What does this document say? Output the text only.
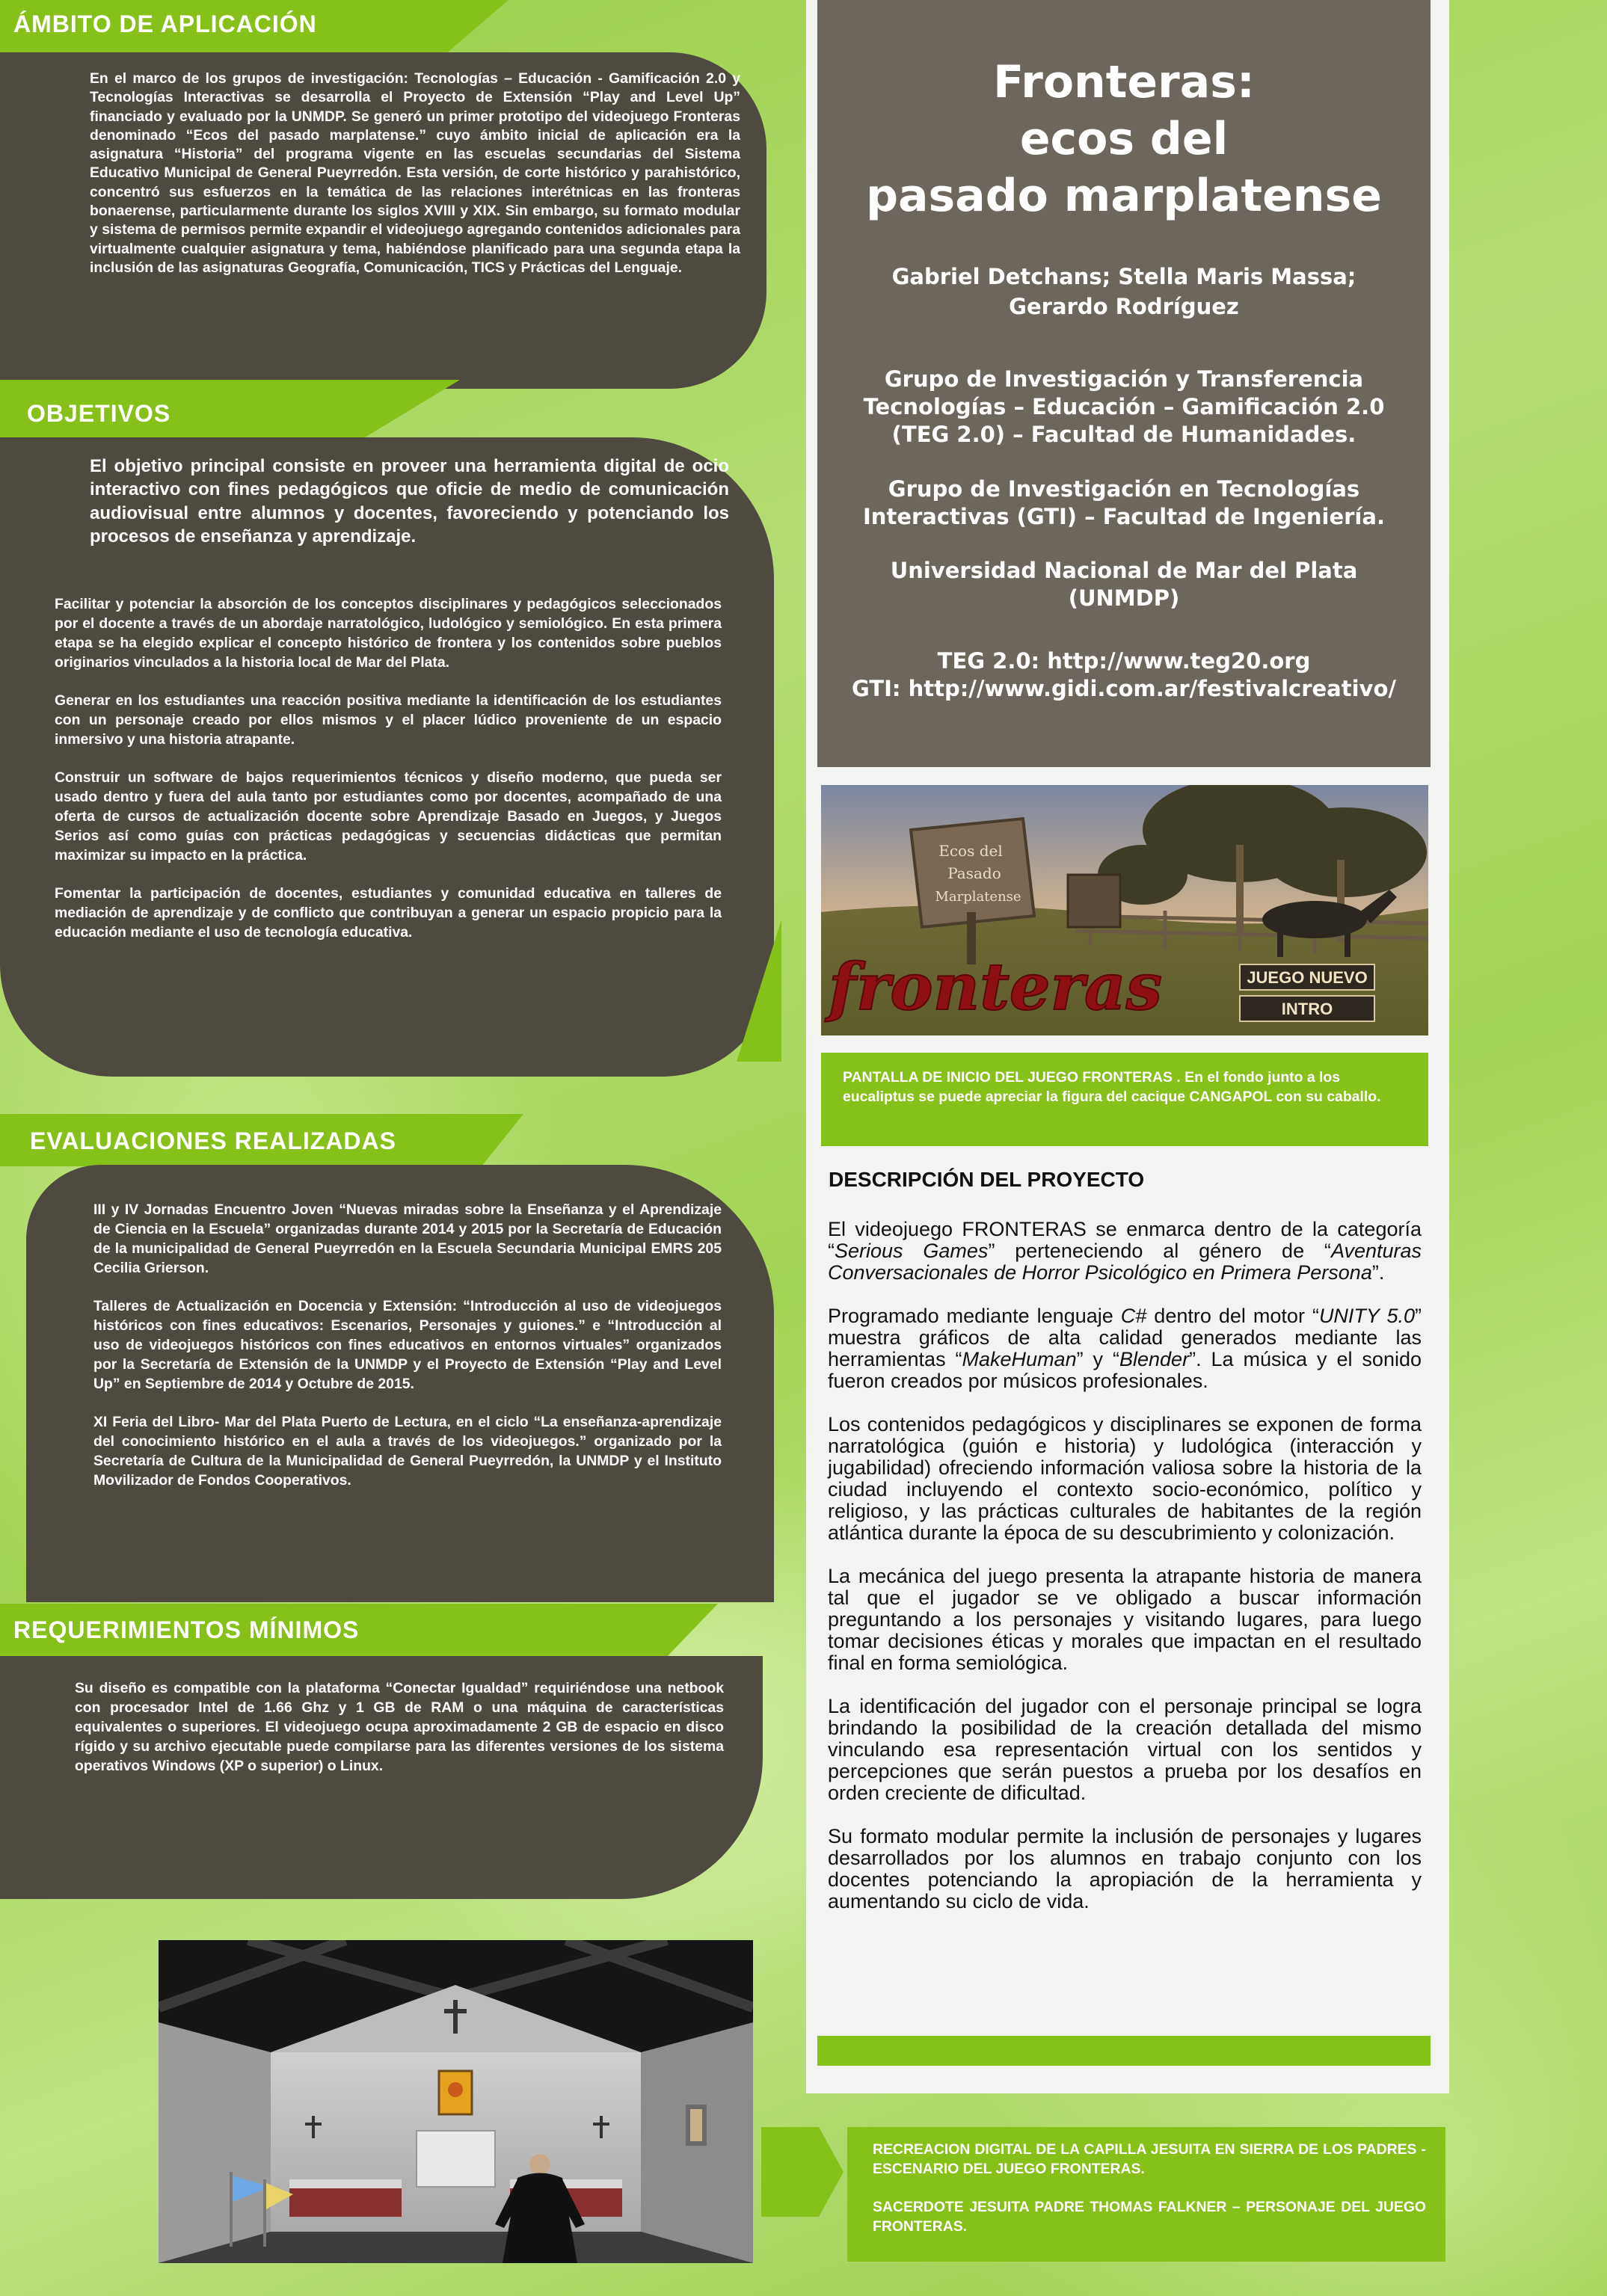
ÁMBITO DE APLICACIÓN
En el marco de los grupos de investigación: Tecnologías – Educación - Gamificación 2.0 y Tecnologías Interactivas se desarrolla el Proyecto de Extensión “Play and Level Up” financiado y evaluado por la UNMDP. Se generó un primer prototipo del videojuego Fronteras denominado “Ecos del pasado marplatense.” cuyo ámbito inicial de aplicación era la asignatura “Historia” del programa vigente en las escuelas secundarias del Sistema Educativo Municipal de General Pueyrredón. Esta versión, de corte histórico y parahistórico, concentró sus esfuerzos en la temática de las relaciones interétnicas en las fronteras bonaerense, particularmente durante los siglos XVIII y XIX. Sin embargo, su formato modular y sistema de permisos permite expandir el videojuego agregando contenidos adicionales para virtualmente cualquier asignatura y tema, habiéndose planificado para una segunda etapa la inclusión de las asignaturas Geografía, Comunicación, TICS y Prácticas del Lenguaje.
OBJETIVOS
El objetivo principal consiste en proveer una herramienta digital de ocio interactivo con fines pedagógicos que oficie de medio de comunicación audiovisual entre alumnos y docentes, favoreciendo y potenciando los procesos de enseñanza y aprendizaje.

Facilitar y potenciar la absorción de los conceptos disciplinares y pedagógicos seleccionados por el docente a través de un abordaje narratológico, ludológico y semiológico. En esta primera etapa se ha elegido explicar el concepto histórico de frontera y los contenidos sobre pueblos originarios vinculados a la historia local de Mar del Plata.

Generar en los estudiantes una reacción positiva mediante la identificación de los estudiantes con un personaje creado por ellos mismos y el placer lúdico proveniente de un espacio inmersivo y una historia atrapante.

Construir un software de bajos requerimientos técnicos y diseño moderno, que pueda ser usado dentro y fuera del aula tanto por estudiantes como por docentes, acompañado de una oferta de cursos de actualización docente sobre Aprendizaje Basado en Juegos, y Juegos Serios así como guías con prácticas pedagógicas y secuencias didácticas que permitan maximizar su impacto en la práctica.

Fomentar la participación de docentes, estudiantes y comunidad educativa en talleres de mediación de aprendizaje y de conflicto que contribuyan a generar un espacio propicio para la educación mediante el uso de tecnología educativa.

EVALUACIONES REALIZADAS

III y IV Jornadas Encuentro Joven “Nuevas miradas sobre la Enseñanza y el Aprendizaje de Ciencia en la Escuela” organizadas durante 2014 y 2015 por la Secretaría de Educación de la municipalidad de General Pueyrredón en la Escuela Secundaria Municipal EMRS 205 Cecilia Grierson.

Talleres de Actualización en Docencia y Extensión: “Introducción al uso de videojuegos históricos con fines educativos: Escenarios, Personajes y guiones.” e “Introducción al uso de videojuegos históricos con fines educativos en entornos virtuales” organizados por la Secretaría de Extensión de la UNMDP y el Proyecto de Extensión “Play and Level Up” en Septiembre de 2014 y Octubre de 2015.

XI Feria del Libro- Mar del Plata Puerto de Lectura, en el ciclo “La enseñanza-aprendizaje del conocimiento histórico en el aula a través de los videojuegos.” organizado por la Secretaría de Cultura de la Municipalidad de General Pueyrredón, la UNMDP y el Instituto Movilizador de Fondos Cooperativos.

REQUERIMIENTOS MÍNIMOS
Su diseño es compatible con la plataforma “Conectar Igualdad” requiriéndose una netbook con procesador Intel de 1.66 Ghz y 1 GB de RAM o una máquina de características equivalentes o superiores. El videojuego ocupa aproximadamente 2 GB de espacio en disco rígido y su archivo ejecutable puede compilarse para las diferentes versiones de los sistema operativos Windows (XP o superior) o Linux.
Fronteras:
ecos del
pasado marplatense
Gabriel Detchans; Stella Maris Massa;
Gerardo Rodríguez
Grupo de Investigación y Transferencia
Tecnologías – Educación – Gamificación 2.0
(TEG 2.0) – Facultad de Humanidades.
Grupo de Investigación en Tecnologías
Interactivas (GTI) – Facultad de Ingeniería.
Universidad Nacional de Mar del Plata
(UNMDP)
TEG 2.0: http://www.teg20.org
GTI: http://www.gidi.com.ar/festivalcreativo/
Ecos del
Pasado
Marplatense
fronteras	JUEGO NUEVO
INTRO
PANTALLA DE INICIO DEL JUEGO FRONTERAS . En el fondo junto a los eucaliptus se puede apreciar la figura del cacique CANGAPOL con su caballo.
DESCRIPCIÓN DEL PROYECTO

El videojuego FRONTERAS se enmarca dentro de la categoría “Serious Games” perteneciendo al género de “Aventuras Conversacionales de Horror Psicológico en Primera Persona”.

Programado mediante lenguaje C# dentro del motor “UNITY 5.0” muestra gráficos de alta calidad generados mediante las herramientas “MakeHuman” y “Blender”. La música y el sonido fueron creados por músicos profesionales.

Los contenidos pedagógicos y disciplinares se exponen de forma narratológica (guión e historia) y ludológica (interacción y jugabilidad) ofreciendo información valiosa sobre la historia de la ciudad incluyendo el contexto socio-económico, político y religioso, y las prácticas culturales de habitantes de la región atlántica durante la época de su descubrimiento y colonización.

La mecánica del juego presenta la atrapante historia de manera tal que el jugador se ve obligado a buscar información preguntando a los personajes y visitando lugares, para luego tomar decisiones éticas y morales que impactan en el resultado final en forma semiológica.

La identificación del jugador con el personaje principal se logra brindando la posibilidad de la creación detallada del mismo vinculando esa representación virtual con los sentidos y percepciones que serán puestos a prueba por los desafíos en orden creciente de dificultad.

Su formato modular permite la inclusión de personajes y lugares desarrollados por los alumnos en trabajo conjunto con los docentes potenciando la apropiación de la herramienta y aumentando su ciclo de vida.

RECREACION DIGITAL DE LA CAPILLA JESUITA EN SIERRA DE LOS PADRES - ESCENARIO DEL JUEGO FRONTERAS.

SACERDOTE JESUITA PADRE THOMAS FALKNER – PERSONAJE DEL JUEGO FRONTERAS.
